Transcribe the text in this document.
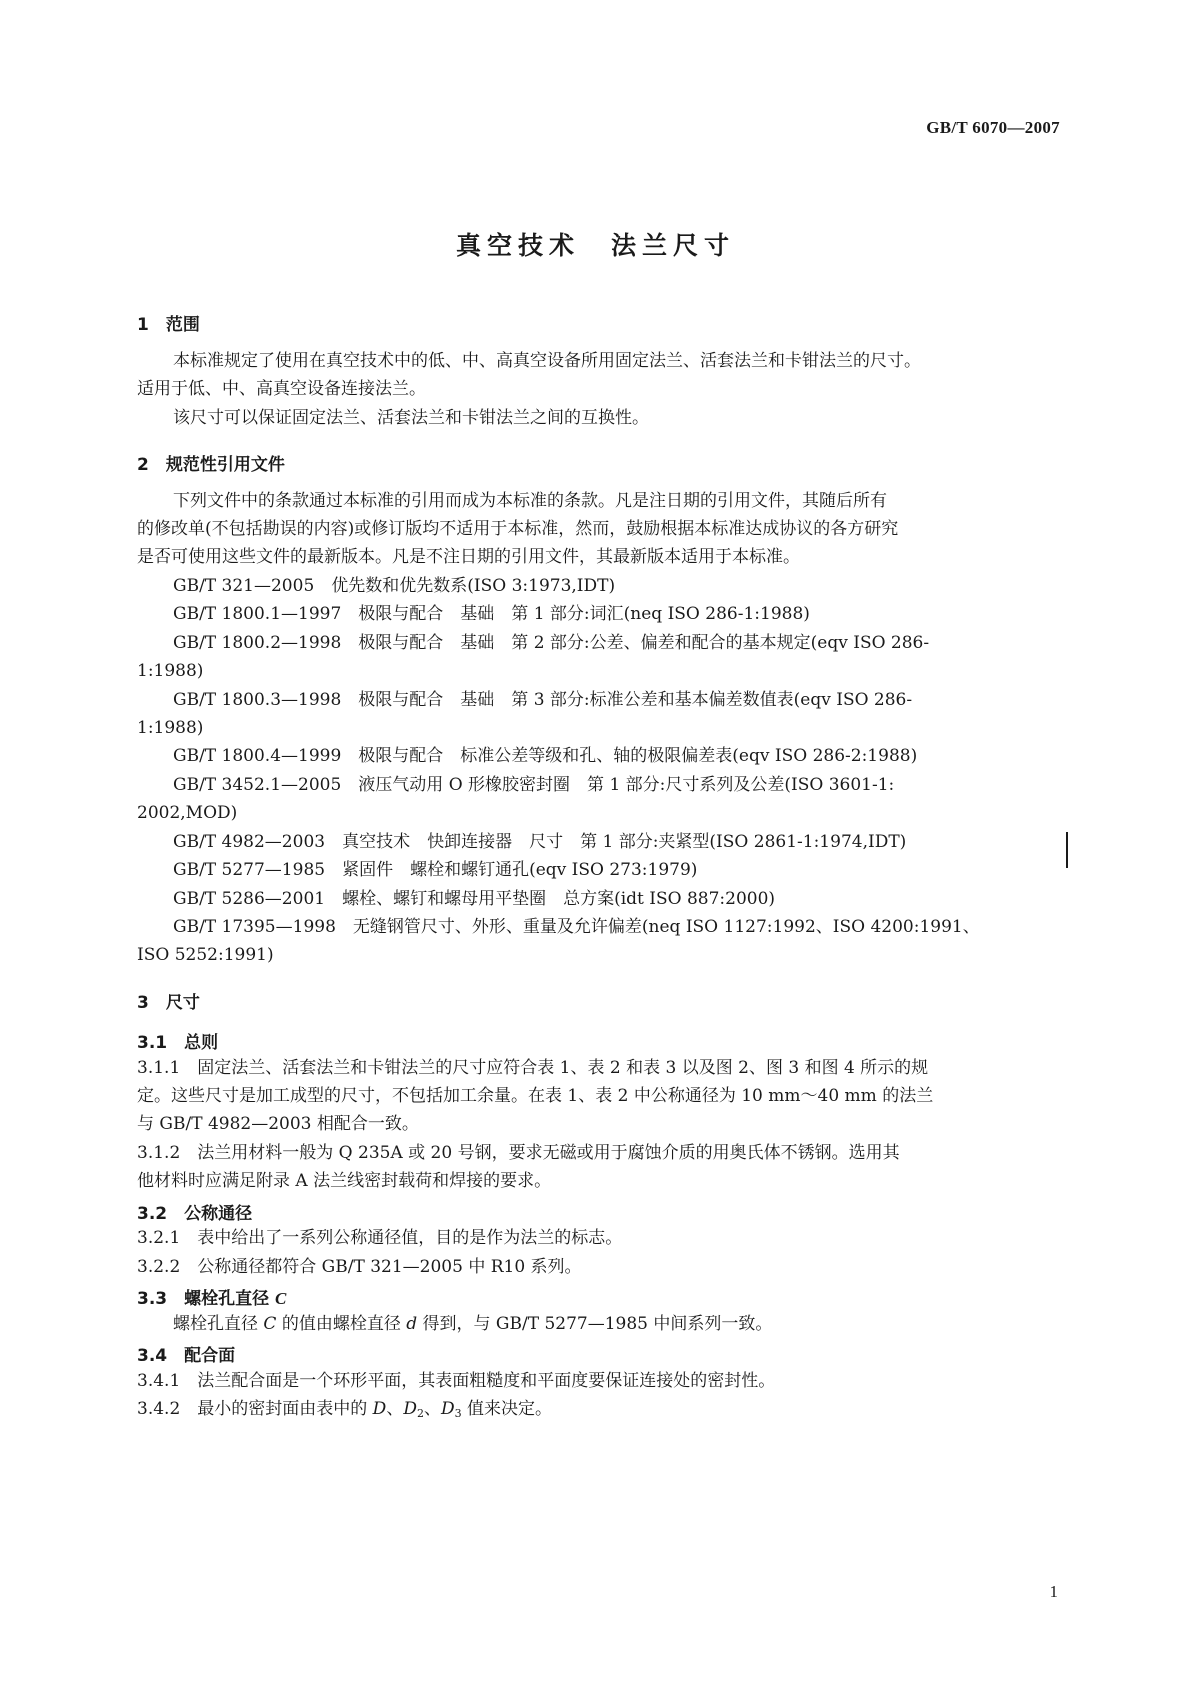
GB/T 6070—2007
真空技术　法兰尺寸
1　范围
本标准规定了使用在真空技术中的低、中、高真空设备所用固定法兰、活套法兰和卡钳法兰的尺寸。
适用于低、中、高真空设备连接法兰。
该尺寸可以保证固定法兰、活套法兰和卡钳法兰之间的互换性。
2　规范性引用文件
下列文件中的条款通过本标准的引用而成为本标准的条款。凡是注日期的引用文件，其随后所有
的修改单(不包括勘误的内容)或修订版均不适用于本标准，然而，鼓励根据本标准达成协议的各方研究
是否可使用这些文件的最新版本。凡是不注日期的引用文件，其最新版本适用于本标准。
GB/T 321—2005　优先数和优先数系(ISO 3:1973,IDT)
GB/T 1800.1—1997　极限与配合　基础　第 1 部分:词汇(neq ISO 286-1:1988)
GB/T 1800.2—1998　极限与配合　基础　第 2 部分:公差、偏差和配合的基本规定(eqv ISO 286-
1:1988)
GB/T 1800.3—1998　极限与配合　基础　第 3 部分:标准公差和基本偏差数值表(eqv ISO 286-
1:1988)
GB/T 1800.4—1999　极限与配合　标准公差等级和孔、轴的极限偏差表(eqv ISO 286-2:1988)
GB/T 3452.1—2005　液压气动用 O 形橡胶密封圈　第 1 部分:尺寸系列及公差(ISO 3601-1:
2002,MOD)
GB/T 4982—2003　真空技术　快卸连接器　尺寸　第 1 部分:夹紧型(ISO 2861-1:1974,IDT)
GB/T 5277—1985　紧固件　螺栓和螺钉通孔(eqv ISO 273:1979)
GB/T 5286—2001　螺栓、螺钉和螺母用平垫圈　总方案(idt ISO 887:2000)
GB/T 17395—1998　无缝钢管尺寸、外形、重量及允许偏差(neq ISO 1127:1992、ISO 4200:1991、
ISO 5252:1991)
3　尺寸
3.1　总则
3.1.1　固定法兰、活套法兰和卡钳法兰的尺寸应符合表 1、表 2 和表 3 以及图 2、图 3 和图 4 所示的规
定。这些尺寸是加工成型的尺寸，不包括加工余量。在表 1、表 2 中公称通径为 10 mm～40 mm 的法兰
与 GB/T 4982—2003 相配合一致。
3.1.2　法兰用材料一般为 Q 235A 或 20 号钢，要求无磁或用于腐蚀介质的用奥氏体不锈钢。选用其
他材料时应满足附录 A 法兰线密封载荷和焊接的要求。
3.2　公称通径
3.2.1　表中给出了一系列公称通径值，目的是作为法兰的标志。
3.2.2　公称通径都符合 GB/T 321—2005 中 R10 系列。
3.3　螺栓孔直径 C
螺栓孔直径 C 的值由螺栓直径 d 得到，与 GB/T 5277—1985 中间系列一致。
3.4　配合面
3.4.1　法兰配合面是一个环形平面，其表面粗糙度和平面度要保证连接处的密封性。
3.4.2　最小的密封面由表中的 D、$D_2$、$D_3$ 值来决定。
1
